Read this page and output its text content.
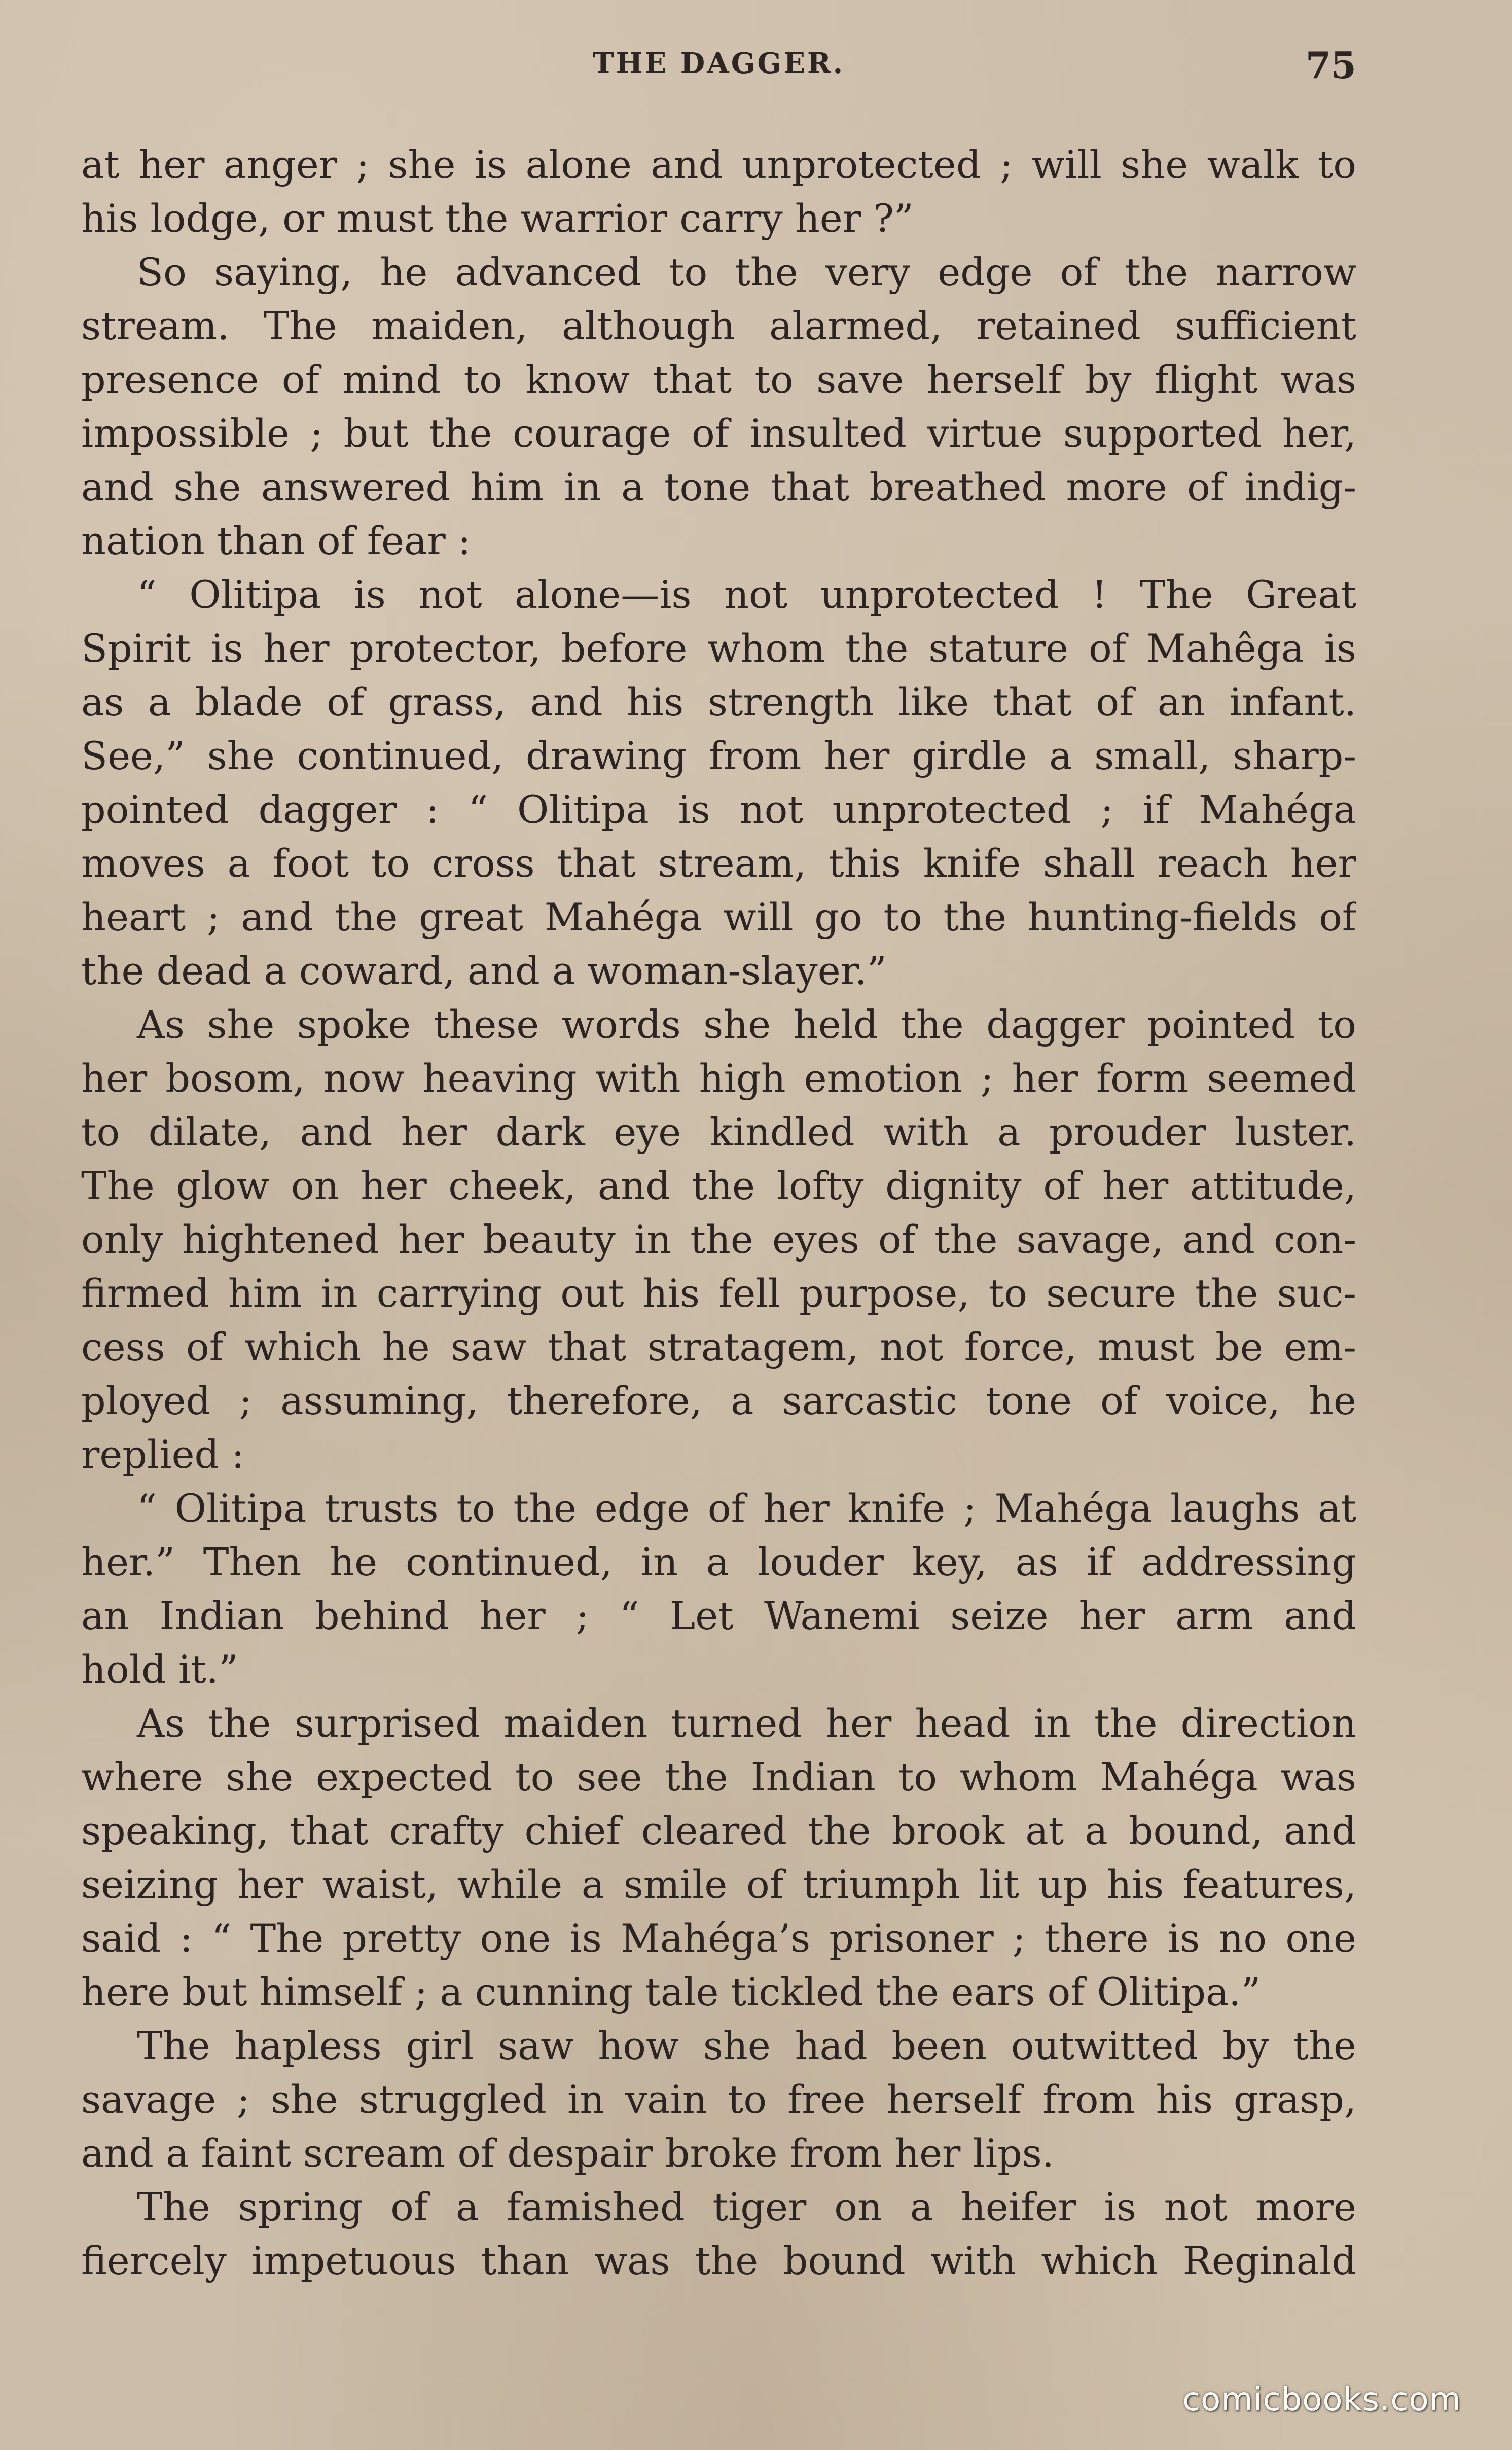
THE DAGGER.	75
at her anger ; she is alone and unprotected ; will she walk to
his lodge, or must the warrior carry her ?”
So saying, he advanced to the very edge of the narrow
stream. The maiden, although alarmed, retained sufficient
presence of mind to know that to save herself by flight was
impossible ; but the courage of insulted virtue supported her,
and she answered him in a tone that breathed more of indig-
nation than of fear :
“ Olitipa is not alone—is not unprotected ! The Great
Spirit is her protector, before whom the stature of Mahêga is
as a blade of grass, and his strength like that of an infant.
See,” she continued, drawing from her girdle a small, sharp-
pointed dagger : “ Olitipa is not unprotected ; if Mahéga
moves a foot to cross that stream, this knife shall reach her
heart ; and the great Mahéga will go to the hunting-fields of
the dead a coward, and a woman-slayer.”
As she spoke these words she held the dagger pointed to
her bosom, now heaving with high emotion ; her form seemed
to dilate, and her dark eye kindled with a prouder luster.
The glow on her cheek, and the lofty dignity of her attitude,
only hightened her beauty in the eyes of the savage, and con-
firmed him in carrying out his fell purpose, to secure the suc-
cess of which he saw that stratagem, not force, must be em-
ployed ; assuming, therefore, a sarcastic tone of voice, he
replied :
“ Olitipa trusts to the edge of her knife ; Mahéga laughs at
her.” Then he continued, in a louder key, as if addressing
an Indian behind her ; “ Let Wanemi seize her arm and
hold it.”
As the surprised maiden turned her head in the direction
where she expected to see the Indian to whom Mahéga was
speaking, that crafty chief cleared the brook at a bound, and
seizing her waist, while a smile of triumph lit up his features,
said : “ The pretty one is Mahéga’s prisoner ; there is no one
here but himself ; a cunning tale tickled the ears of Olitipa.”
The hapless girl saw how she had been outwitted by the
savage ; she struggled in vain to free herself from his grasp,
and a faint scream of despair broke from her lips.
The spring of a famished tiger on a heifer is not more
fiercely impetuous than was the bound with which Reginald
comicbooks.com
